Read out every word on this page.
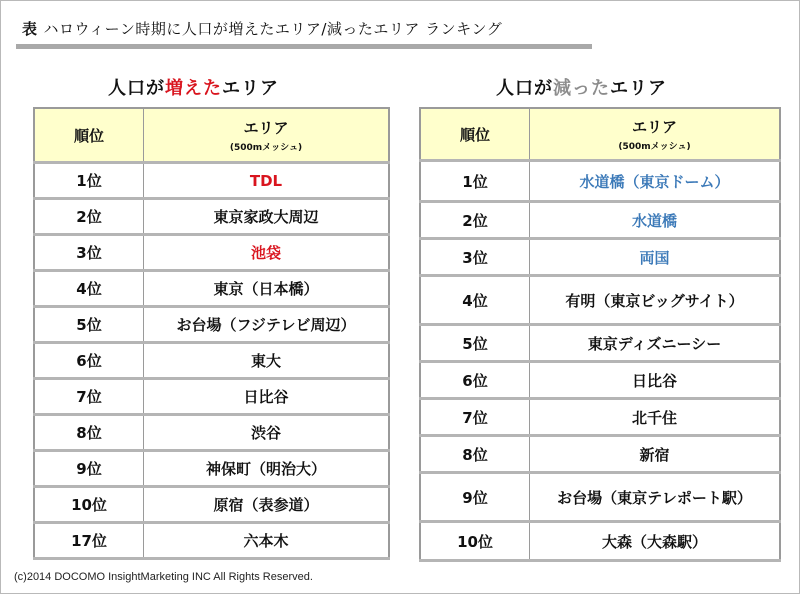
表 ハロウィーン時期に人口が増えたエリア/減ったエリア ランキング
人口が増えたエリア	人口が減ったエリア
順位	エリア
(500mメッシュ)

1位	TDL
2位	東京家政大周辺
3位	池袋
4位	東京（日本橋）
5位	お台場（フジテレビ周辺）
6位	東大
7位	日比谷
8位	渋谷
9位	神保町（明治大）
10位	原宿（表参道）
17位	六本木
順位	エリア
(500mメッシュ)

1位	水道橋（東京ドーム）
2位	水道橋
3位	両国
4位	有明（東京ビッグサイト）
5位	東京ディズニーシー
6位	日比谷
7位	北千住
8位	新宿
9位	お台場（東京テレポート駅）
10位	大森（大森駅）
(c)2014 DOCOMO InsightMarketing INC All Rights Reserved.
